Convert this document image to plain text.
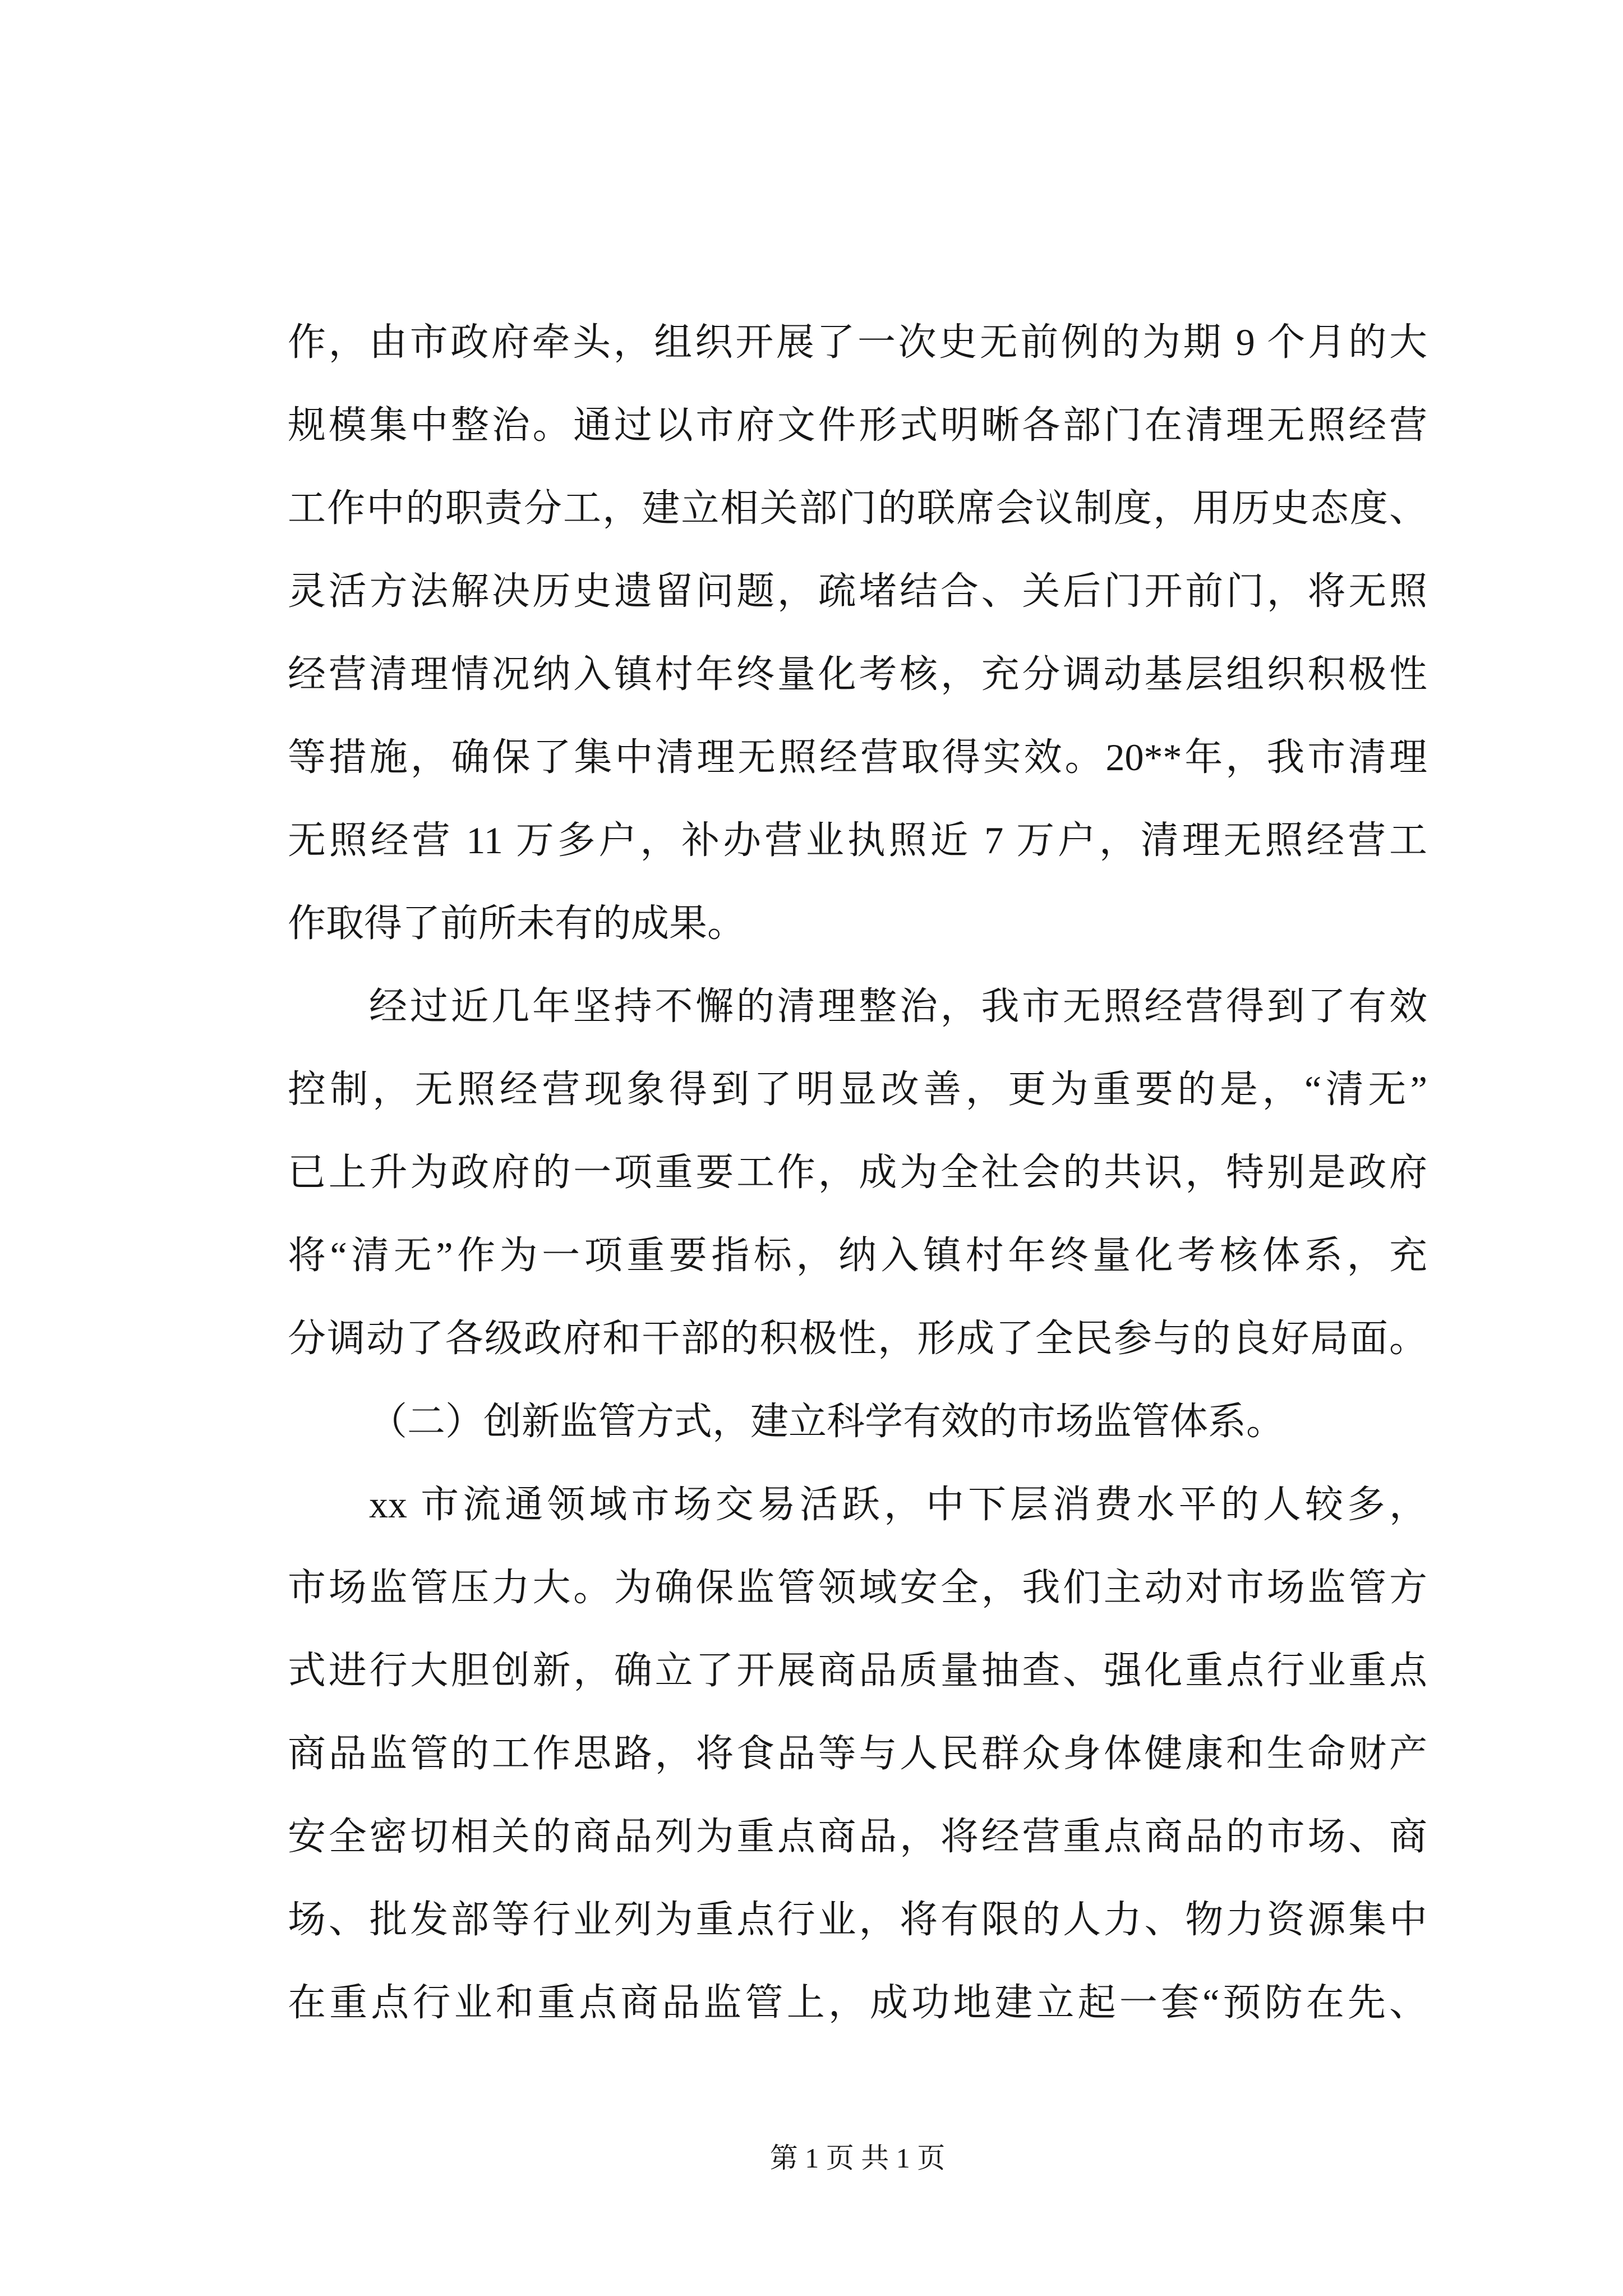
作，由市政府牵头，组织开展了一次史无前例的为期 9 个月的大
规模集中整治。通过以市府文件形式明晰各部门在清理无照经营
工作中的职责分工，建立相关部门的联席会议制度，用历史态度、
灵活方法解决历史遗留问题，疏堵结合、关后门开前门，将无照
经营清理情况纳入镇村年终量化考核，充分调动基层组织积极性
等措施，确保了集中清理无照经营取得实效。20**年，我市清理
无照经营 11 万多户，补办营业执照近 7 万户，清理无照经营工
作取得了前所未有的成果。
经过近几年坚持不懈的清理整治，我市无照经营得到了有效
控制，无照经营现象得到了明显改善，更为重要的是，“清无”
已上升为政府的一项重要工作，成为全社会的共识，特别是政府
将“清无”作为一项重要指标，纳入镇村年终量化考核体系，充
分调动了各级政府和干部的积极性，形成了全民参与的良好局面。
（二）创新监管方式，建立科学有效的市场监管体系。
xx 市流通领域市场交易活跃，中下层消费水平的人较多，
市场监管压力大。为确保监管领域安全，我们主动对市场监管方
式进行大胆创新，确立了开展商品质量抽查、强化重点行业重点
商品监管的工作思路，将食品等与人民群众身体健康和生命财产
安全密切相关的商品列为重点商品，将经营重点商品的市场、商
场、批发部等行业列为重点行业，将有限的人力、物力资源集中
在重点行业和重点商品监管上，成功地建立起一套“预防在先、
第 1 页 共 1 页
